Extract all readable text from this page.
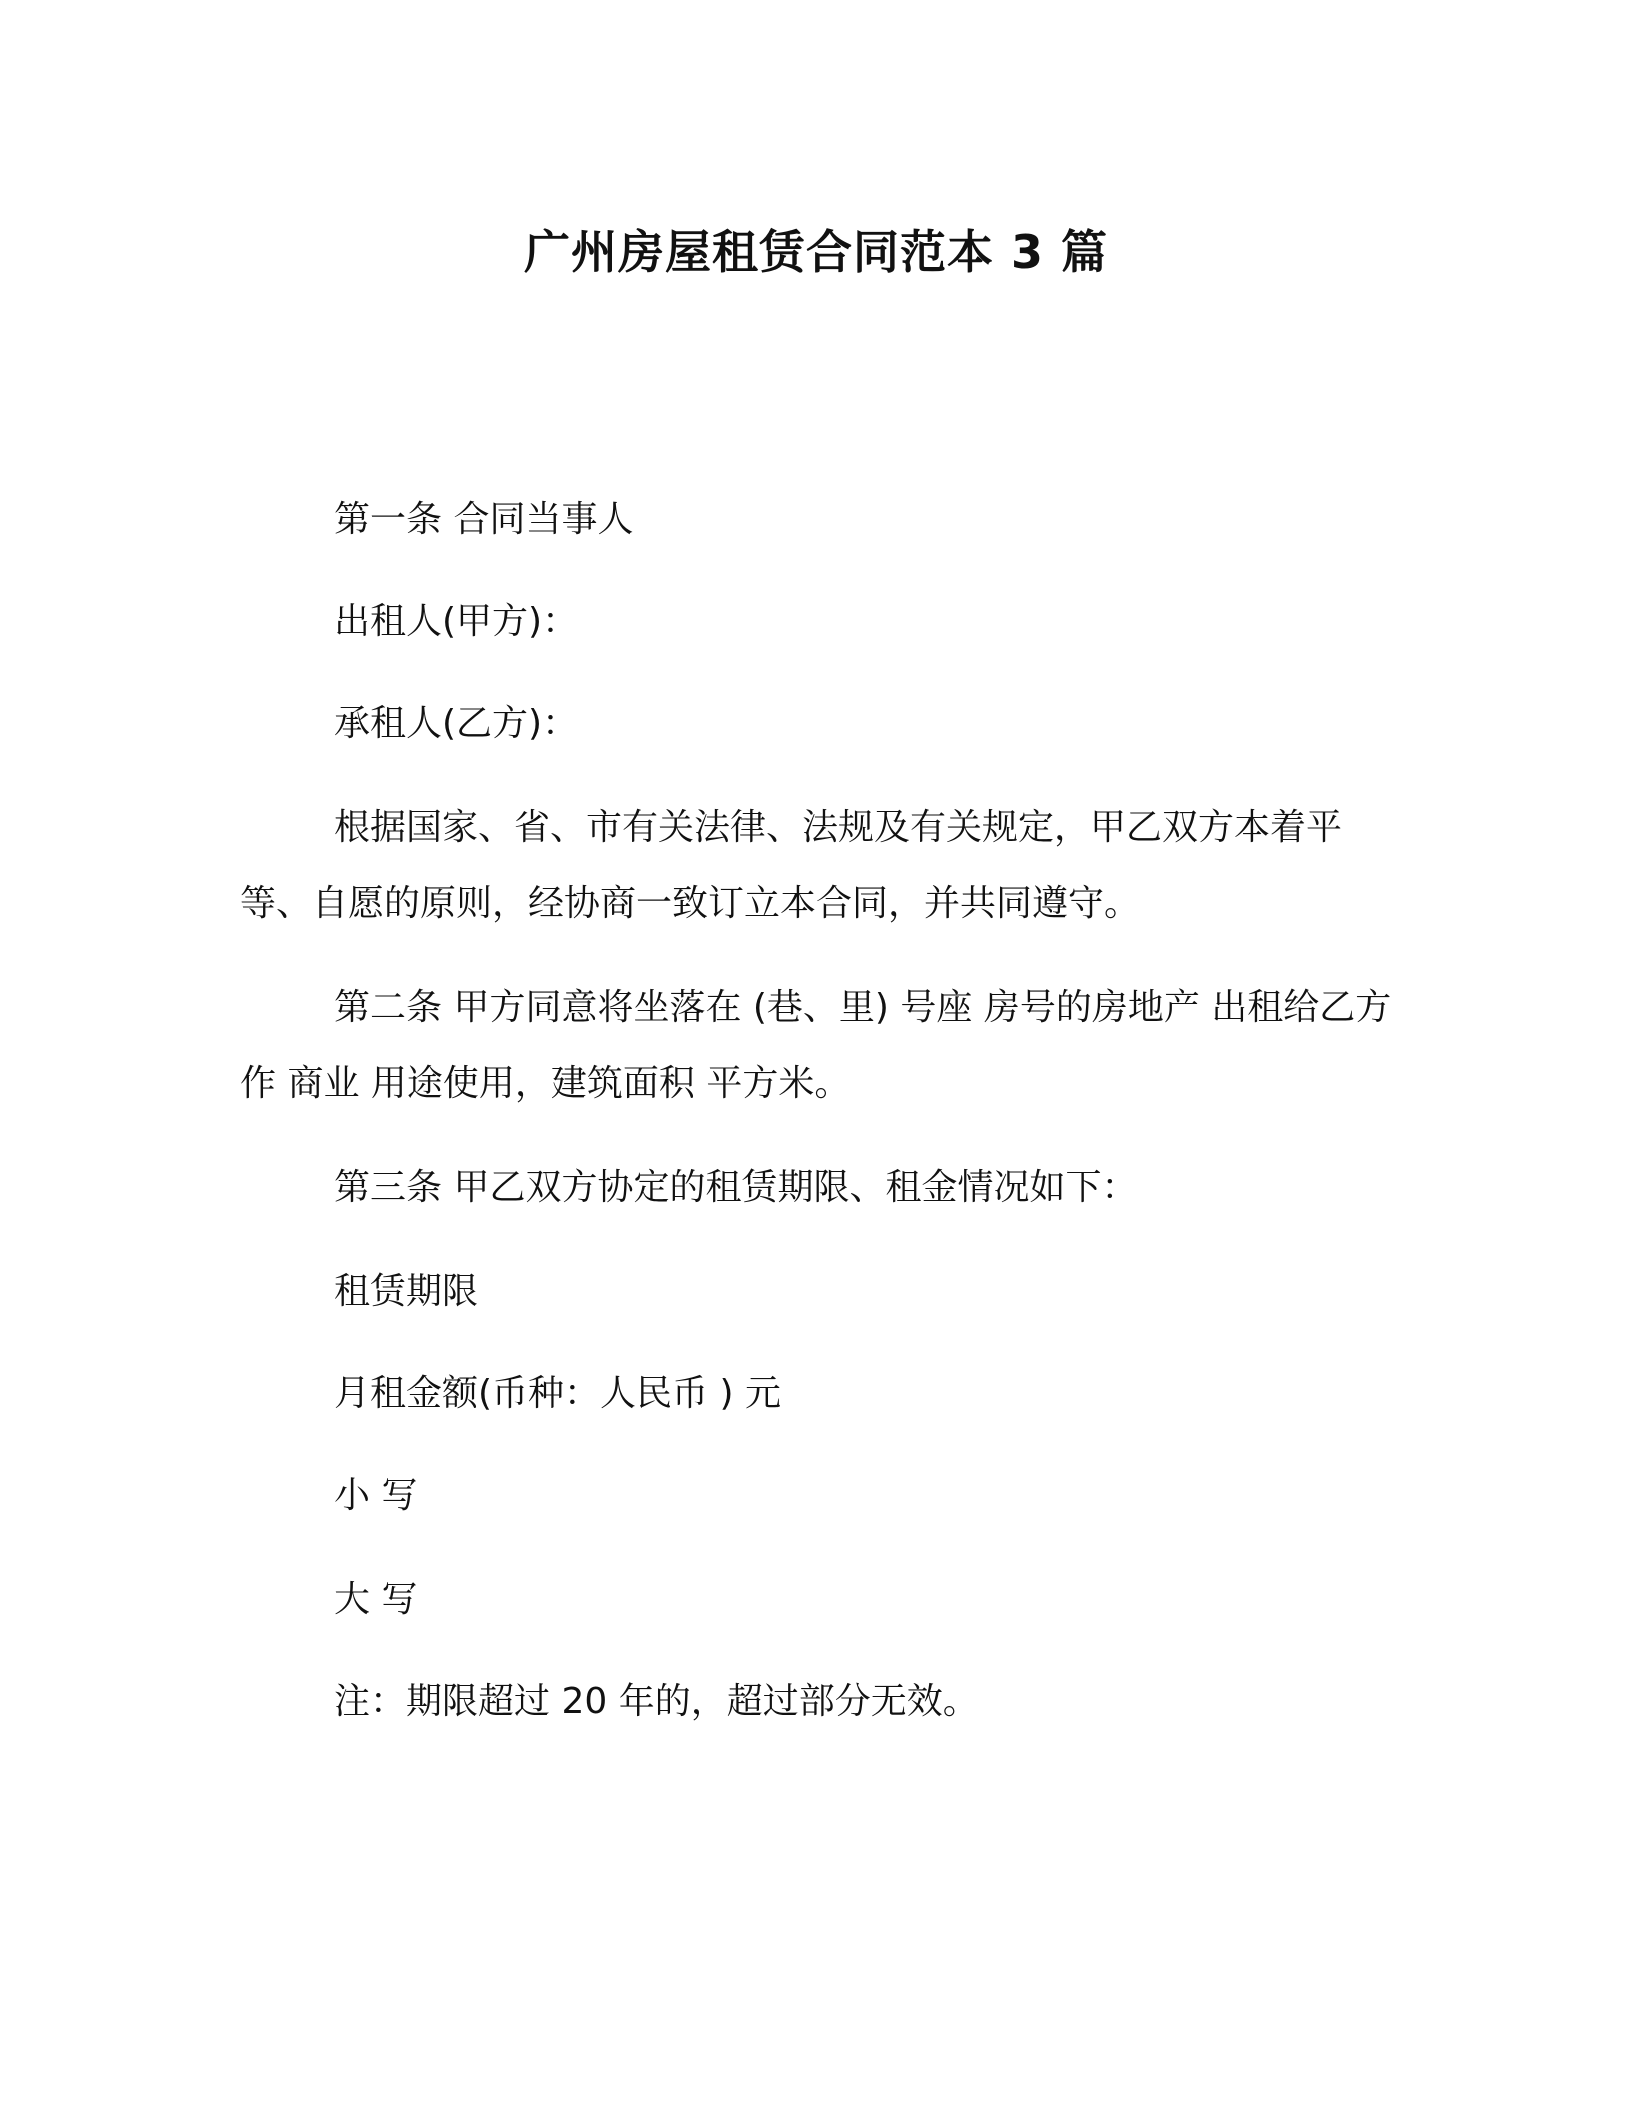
广州房屋租赁合同范本 3 篇

第一条 合同当事人

出租人(甲方)：

承租人(乙方)：

根据国家、省、市有关法律、法规及有关规定，甲乙双方本着平等、自愿的原则，经协商一致订立本合同，并共同遵守。

第二条 甲方同意将坐落在 (巷、里) 号座 房号的房地产 出租给乙方作 商业 用途使用，建筑面积 平方米。

第三条 甲乙双方协定的租赁期限、租金情况如下：

租赁期限

月租金额(币种：人民币 ) 元

小 写

大 写

注：期限超过 20 年的，超过部分无效。
